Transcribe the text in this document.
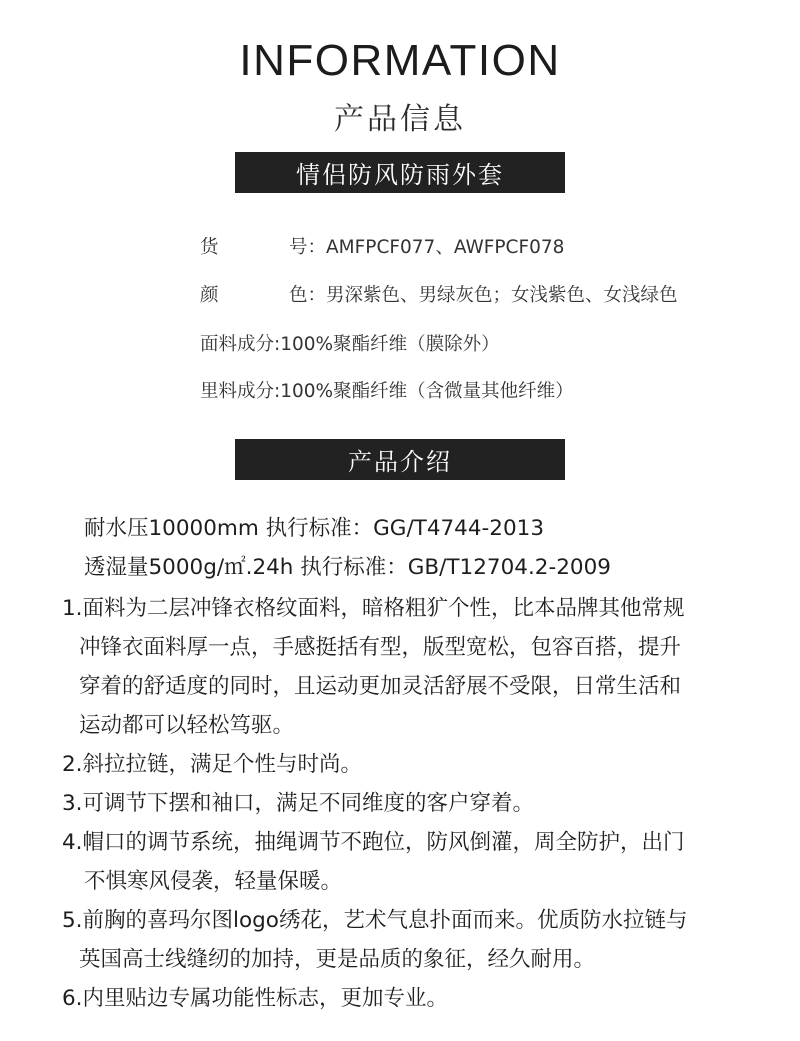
INFORMATION
产品信息
情侣防风防雨外套
货	号：AMFPCF077、AWFPCF078
颜	色：男深紫色、男绿灰色；女浅紫色、女浅绿色
面料成分:100%聚酯纤维（膜除外）
里料成分:100%聚酯纤维（含微量其他纤维）
产品介绍
耐水压10000mm 执行标准：GG/T4744-2013
透湿量5000g/㎡.24h 执行标准：GB/T12704.2-2009
1.面料为二层冲锋衣格纹面料，暗格粗犷个性，比本品牌其他常规
冲锋衣面料厚一点，手感挺括有型，版型宽松，包容百搭，提升
穿着的舒适度的同时，且运动更加灵活舒展不受限，日常生活和
运动都可以轻松笃驱。
2.斜拉拉链，满足个性与时尚。
3.可调节下摆和袖口，满足不同维度的客户穿着。
4.帽口的调节系统，抽绳调节不跑位，防风倒灌，周全防护，出门
不惧寒风侵袭，轻量保暖。
5.前胸的喜玛尔图logo绣花，艺术气息扑面而来。优质防水拉链与
英国高士线缝纫的加持，更是品质的象征，经久耐用。
6.内里贴边专属功能性标志，更加专业。
